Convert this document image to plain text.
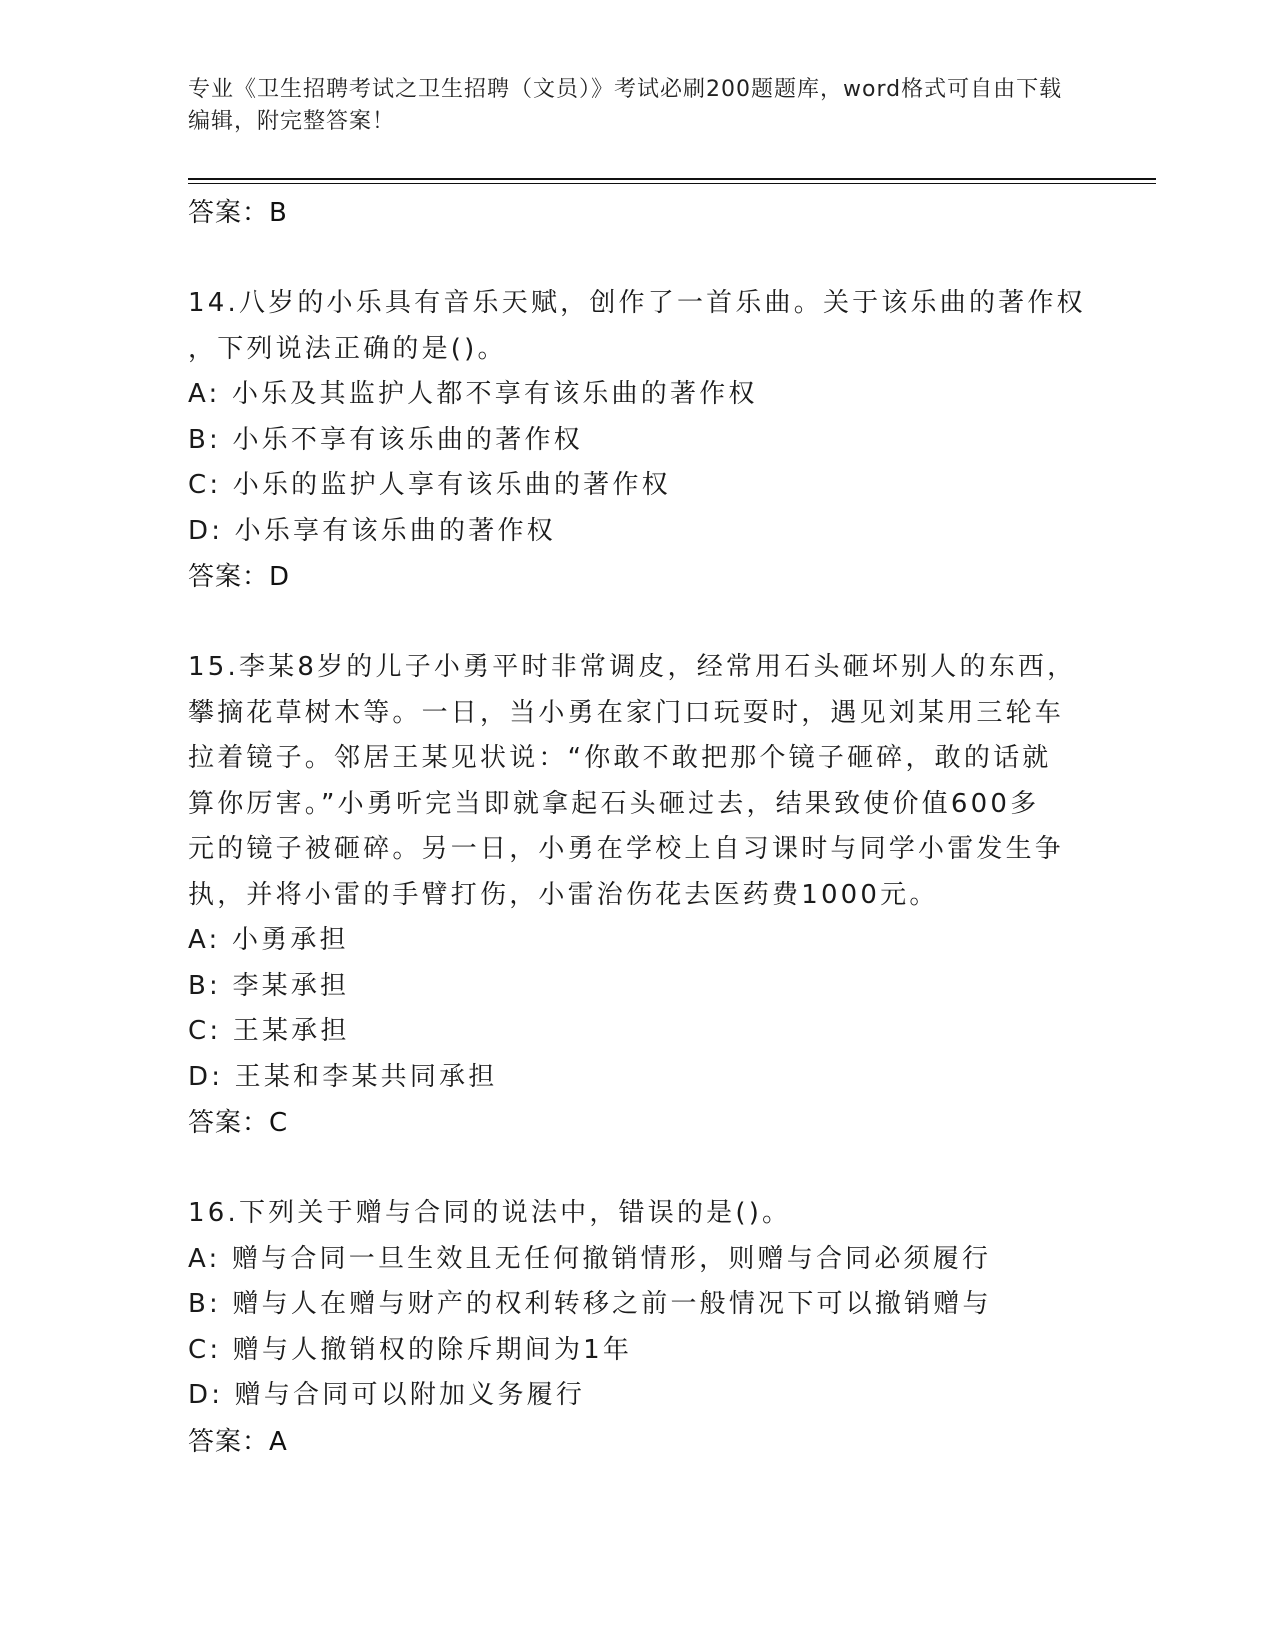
专业《卫生招聘考试之卫生招聘（文员）》考试必刷200题题库，word格式可自由下载编辑，附完整答案！
答案：B
14.八岁的小乐具有音乐天赋，创作了一首乐曲。关于该乐曲的著作权
，下列说法正确的是()。
A: 小乐及其监护人都不享有该乐曲的著作权
B: 小乐不享有该乐曲的著作权
C: 小乐的监护人享有该乐曲的著作权
D: 小乐享有该乐曲的著作权
答案：D
15.李某8岁的儿子小勇平时非常调皮，经常用石头砸坏别人的东西，
攀摘花草树木等。一日，当小勇在家门口玩耍时，遇见刘某用三轮车
拉着镜子。邻居王某见状说：“你敢不敢把那个镜子砸碎，敢的话就
算你厉害。”小勇听完当即就拿起石头砸过去，结果致使价值600多
元的镜子被砸碎。另一日，小勇在学校上自习课时与同学小雷发生争
执，并将小雷的手臂打伤，小雷治伤花去医药费1000元。
A: 小勇承担
B: 李某承担
C: 王某承担
D: 王某和李某共同承担
答案：C
16.下列关于赠与合同的说法中，错误的是()。
A: 赠与合同一旦生效且无任何撤销情形，则赠与合同必须履行
B: 赠与人在赠与财产的权利转移之前一般情况下可以撤销赠与
C: 赠与人撤销权的除斥期间为1年
D: 赠与合同可以附加义务履行
答案：A
